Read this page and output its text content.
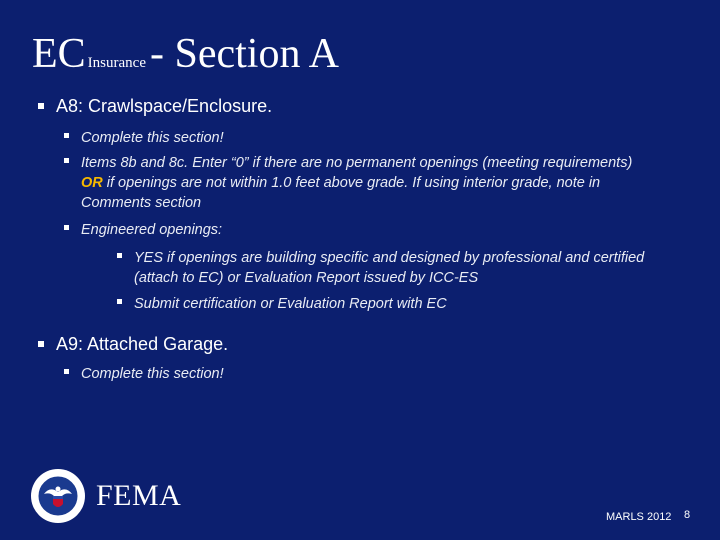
EC Insurance- Section A
A8: Crawlspace/Enclosure.
Complete this section!
Items 8b and 8c. Enter “0” if there are no permanent openings (meeting requirements) OR if openings are not within 1.0 feet above grade. If using interior grade, note in Comments section
Engineered openings:
YES if openings are building specific and designed by professional and certified (attach to EC) or Evaluation Report issued by ICC-ES
Submit certification or Evaluation Report with EC
A9: Attached Garage.
Complete this section!
FEMA
MARLS 2012 8
